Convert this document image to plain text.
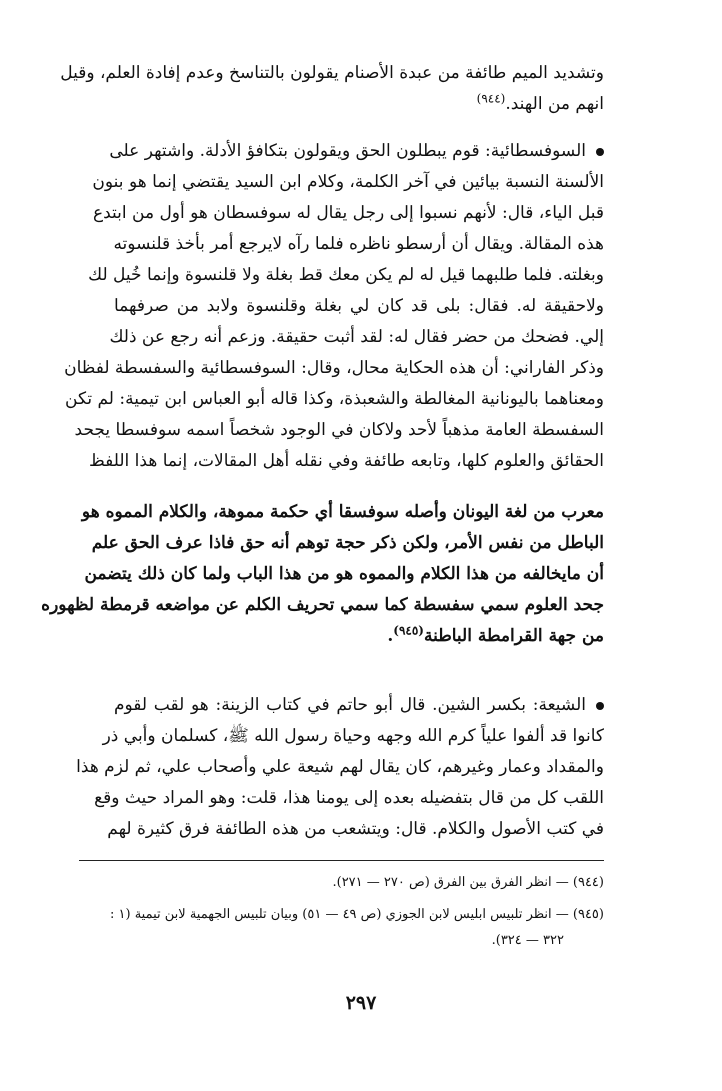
وتشديد الميم طائفة من عبدة الأصنام يقولون بالتناسخ وعدم إفادة العلم، وقيل
انهم من الهند.$^{(٩٤٤)}$
السوفسطائية: قوم يبطلون الحق ويقولون بتكافؤ الأدلة. واشتهر على
الألسنة النسبة بيائين في آخر الكلمة، وكلام ابن السيد يقتضي إنما هو بنون
قبل الياء، قال: لأنهم نسبوا إلى رجل يقال له سوفسطان هو أول من ابتدع
هذه المقالة. ويقال أن أرسطو ناظره فلما رآه لايرجع أمر بأخذ قلنسوته
وبغلته. فلما طلبهما قيل له لم يكن معك قط بغلة ولا قلنسوة وإنما خُيل لك
ولاحقيقة له. فقال: بلى قد كان لي بغلة وقلنسوة ولابد من صرفهما
إلي. فضحك من حضر فقال له: لقد أثبت حقيقة. وزعم أنه رجع عن ذلك
وذكر الفاراني: أن هذه الحكاية محال، وقال: السوفسطائية والسفسطة لفظان
ومعناهما باليونانية المغالطة والشعبذة، وكذا قاله أبو العباس ابن تيمية: لم تكن
السفسطة العامة مذهباً لأحد ولاكان في الوجود شخصاً اسمه سوفسطا يجحد
الحقائق والعلوم كلها، وتابعه طائفة وفي نقله أهل المقالات، إنما هذا اللفظ
معرب من لغة اليونان وأصله سوفسقا أي حكمة مموهة، والكلام المموه هو
الباطل من نفس الأمر، ولكن ذكر حجة توهم أنه حق فاذا عرف الحق علم
أن مايخالفه من هذا الكلام والمموه هو من هذا الباب ولما كان ذلك يتضمن
جحد العلوم سمي سفسطة كما سمي تحريف الكلم عن مواضعه قرمطة لظهوره
من جهة القرامطة الباطنة$^{(٩٤٥)}$.
الشيعة: بكسر الشين. قال أبو حاتم في كتاب الزينة: هو لقب لقوم
كانوا قد ألفوا علياً كرم الله وجهه وحياة رسول الله ﷺ، كسلمان وأبي ذر
والمقداد وعمار وغيرهم، كان يقال لهم شيعة علي وأصحاب علي، ثم لزم هذا
اللقب كل من قال بتفضيله بعده إلى يومنا هذا، قلت: وهو المراد حيث وقع
في كتب الأصول والكلام. قال: ويتشعب من هذه الطائفة فرق كثيرة لهم
(٩٤٤) — انظر الفرق بين الفرق (ص ٢٧٠ — ٢٧١).
(٩٤٥) — انظر تلبيس ابليس لابن الجوزي (ص ٤٩ — ٥١) وبيان تلبيس الجهمية لابن تيمية (١ :
٣٢٢ — ٣٢٤).
٢٩٧
